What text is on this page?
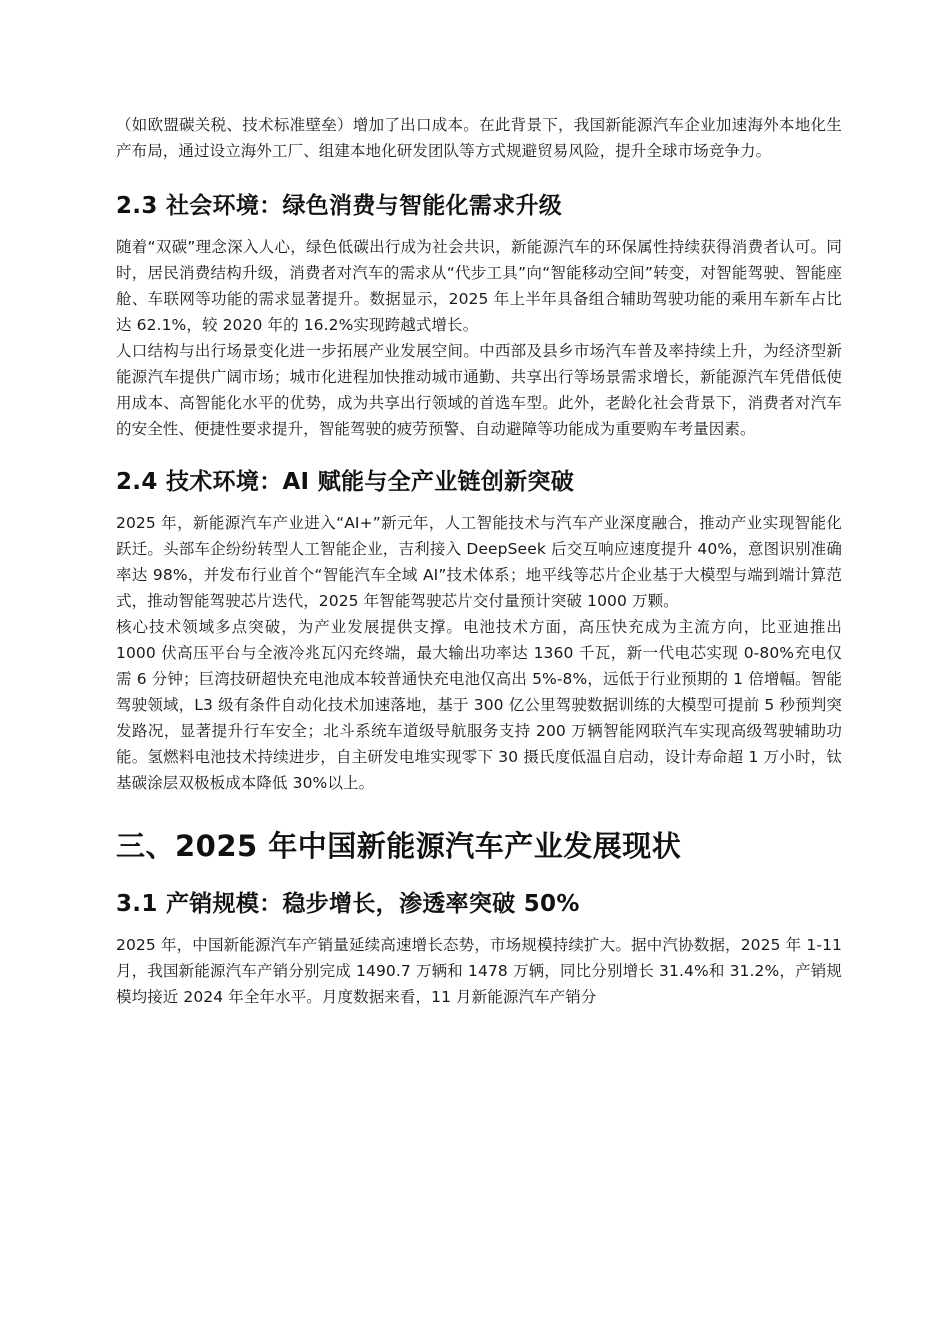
（如欧盟碳关税、技术标准壁垒）增加了出口成本。在此背景下，我国新能源汽车企业加速海外本地化生产布局，通过设立海外工厂、组建本地化研发团队等方式规避贸易风险，提升全球市场竞争力。

2.3 社会环境：绿色消费与智能化需求升级

随着“双碳”理念深入人心，绿色低碳出行成为社会共识，新能源汽车的环保属性持续获得消费者认可。同时，居民消费结构升级，消费者对汽车的需求从“代步工具”向“智能移动空间”转变，对智能驾驶、智能座舱、车联网等功能的需求显著提升。数据显示，2025 年上半年具备组合辅助驾驶功能的乘用车新车占比达 62.1%，较 2020 年的 16.2%实现跨越式增长。

人口结构与出行场景变化进一步拓展产业发展空间。中西部及县乡市场汽车普及率持续上升，为经济型新能源汽车提供广阔市场；城市化进程加快推动城市通勤、共享出行等场景需求增长，新能源汽车凭借低使用成本、高智能化水平的优势，成为共享出行领域的首选车型。此外，老龄化社会背景下，消费者对汽车的安全性、便捷性要求提升，智能驾驶的疲劳预警、自动避障等功能成为重要购车考量因素。

2.4 技术环境：AI 赋能与全产业链创新突破

2025 年，新能源汽车产业进入“AI+”新元年，人工智能技术与汽车产业深度融合，推动产业实现智能化跃迁。头部车企纷纷转型人工智能企业，吉利接入 DeepSeek 后交互响应速度提升 40%，意图识别准确率达 98%，并发布行业首个“智能汽车全域 AI”技术体系；地平线等芯片企业基于大模型与端到端计算范式，推动智能驾驶芯片迭代，2025 年智能驾驶芯片交付量预计突破 1000 万颗。

核心技术领域多点突破，为产业发展提供支撑。电池技术方面，高压快充成为主流方向，比亚迪推出 1000 伏高压平台与全液冷兆瓦闪充终端，最大输出功率达 1360 千瓦，新一代电芯实现 0-80%充电仅需 6 分钟；巨湾技研超快充电池成本较普通快充电池仅高出 5%-8%，远低于行业预期的 1 倍增幅。智能驾驶领域，L3 级有条件自动化技术加速落地，基于 300 亿公里驾驶数据训练的大模型可提前 5 秒预判突发路况，显著提升行车安全；北斗系统车道级导航服务支持 200 万辆智能网联汽车实现高级驾驶辅助功能。氢燃料电池技术持续进步，自主研发电堆实现零下 30 摄氏度低温自启动，设计寿命超 1 万小时，钛基碳涂层双极板成本降低 30%以上。

三、2025 年中国新能源汽车产业发展现状
3.1 产销规模：稳步增长，渗透率突破 50%

2025 年，中国新能源汽车产销量延续高速增长态势，市场规模持续扩大。据中汽协数据，2025 年 1-11 月，我国新能源汽车产销分别完成 1490.7 万辆和 1478 万辆，同比分别增长 31.4%和 31.2%，产销规模均接近 2024 年全年水平。月度数据来看，11 月新能源汽车产销分
